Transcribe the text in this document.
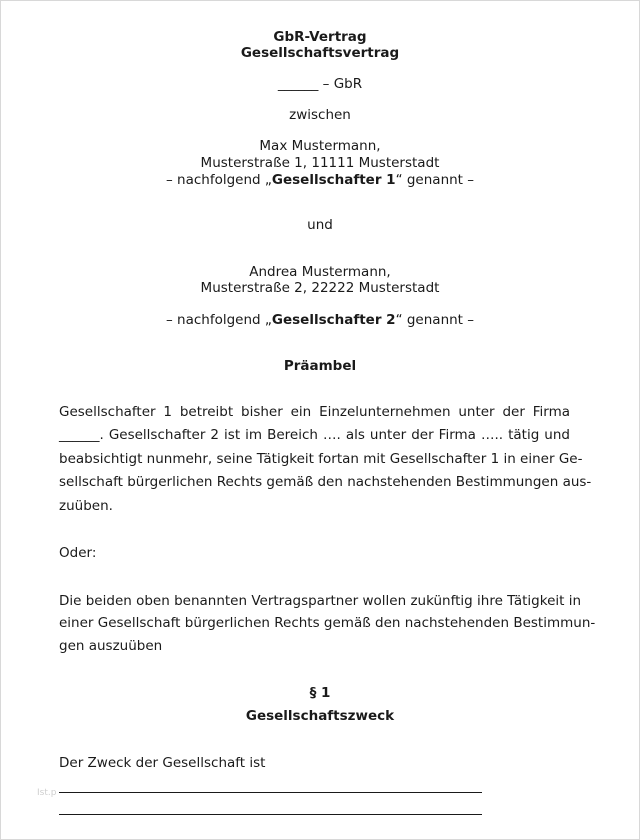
GbR-Vertrag
Gesellschaftsvertrag
______ – GbR
zwischen
Max Mustermann,
Musterstraße 1, 11111 Musterstadt
– nachfolgend „Gesellschafter 1“ genannt –
und
Andrea Mustermann,
Musterstraße 2, 22222 Musterstadt
– nachfolgend „Gesellschafter 2“ genannt –
Präambel
Gesellschafter 1 betreibt bisher ein Einzelunternehmen unter der Firma
______. Gesellschafter 2 ist im Bereich …. als unter der Firma ….. tätig und
beabsichtigt nunmehr, seine Tätigkeit fortan mit Gesellschafter 1 in einer Ge-
sellschaft bürgerlichen Rechts gemäß den nachstehenden Bestimmungen aus-
zuüben.
Oder:
Die beiden oben benannten Vertragspartner wollen zukünftig ihre Tätigkeit in
einer Gesellschaft bürgerlichen Rechts gemäß den nachstehenden Bestimmun-
gen auszuüben
§ 1
Gesellschaftszweck
Der Zweck der Gesellschaft ist
Ist.p
